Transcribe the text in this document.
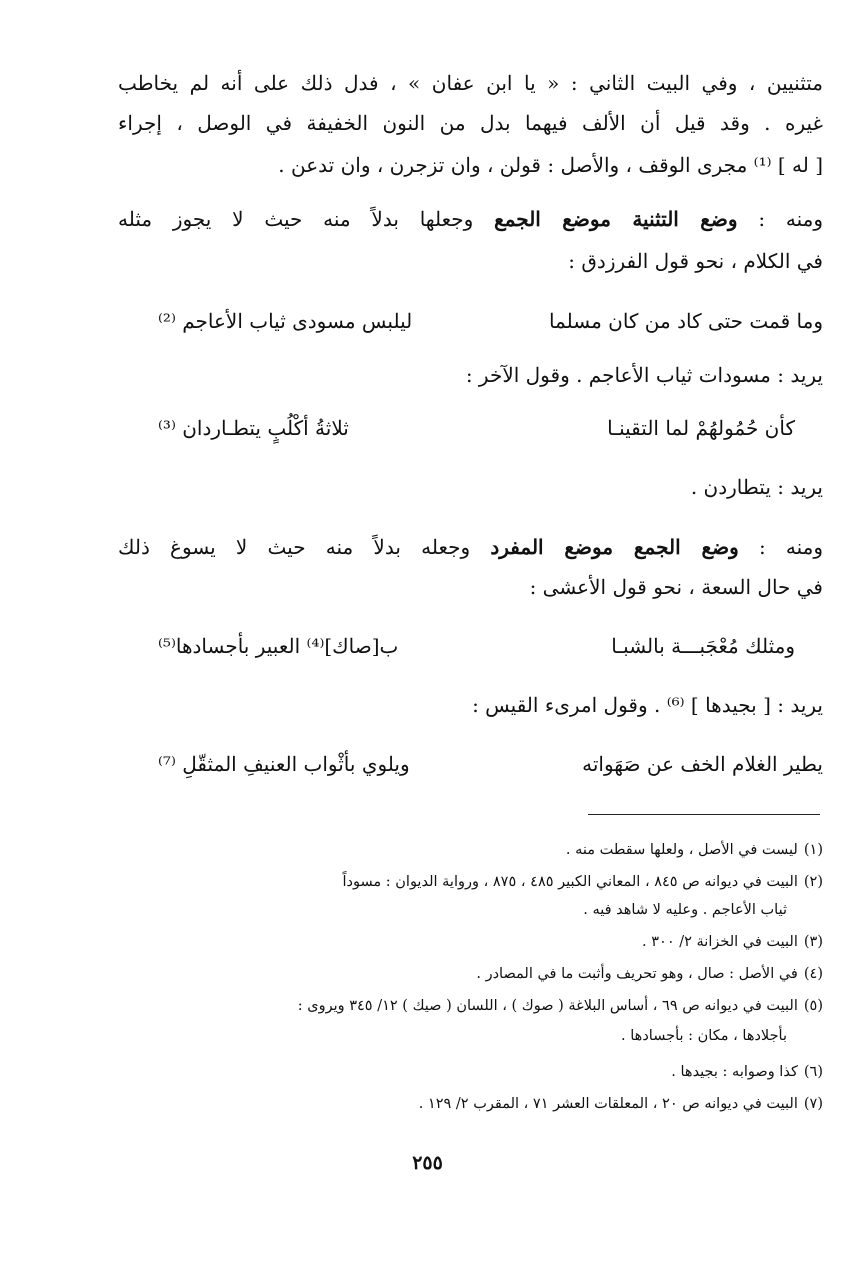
متثنيين ، وفي البيت الثاني : « يا ابن عفان » ، فدل ذلك على أنه لم يخاطب
غيره . وقد قيل أن الألف فيهما بدل من النون الخفيفة في الوصل ، إجراء
[ له ] ⁽¹⁾ مجرى الوقف ، والأصل : قولن ، وان تزجرن ، وان تدعن .
ومنه : وضع التثنية موضع الجمع وجعلها بدلاً منه حيث لا يجوز مثله
في الكلام ، نحو قول الفرزدق :
وما قمت حتى كاد من كان مسلما
ليلبس مسودى ثياب الأعاجم ⁽²⁾
يريد : مسودات ثياب الأعاجم . وقول الآخر :
كأن حُمُولهُمْ لما التقينـا
ثلاثةُ أكْلُبٍ يتطـاردان ⁽³⁾
يريد : يتطاردن .
ومنه : وضع الجمع موضع المفرد وجعله بدلاً منه حيث لا يسوغ ذلك
في حال السعة ، نحو قول الأعشى :
ومثلك مُعْجَبـــة بالشبـا
ب[صاك]⁽⁴⁾ العبير بأجسادها⁽⁵⁾
يريد : [ بجيدها ] ⁽⁶⁾ . وقول امرىء القيس :
يطير الغلام الخف عن صَهَواته
ويلوي بأثْواب العنيفِ المثقّلِ ⁽⁷⁾
(١)ليست في الأصل ، ولعلها سقطت منه .
(٢)البيت في ديوانه ص ٨٤٥ ، المعاني الكبير ٤٨٥ ، ٨٧٥ ، ورواية الديوان : مسوداً
ثياب الأعاجم . وعليه لا شاهد فيه .
(٣)البيت في الخزانة ٢/ ٣٠٠ .
(٤)في الأصل : صال ، وهو تحريف وأثبت ما في المصادر .
(٥)البيت في ديوانه ص ٦٩ ، أساس البلاغة ( صوك ) ، اللسان ( صيك ) ١٢/ ٣٤٥ ويروى :
بأجلادها ، مكان : بأجسادها .
(٦)كذا وصوابه : بجيدها .
(٧)البيت في ديوانه ص ٢٠ ، المعلقات العشر ٧١ ، المقرب ٢/ ١٢٩ .
٢٥٥
